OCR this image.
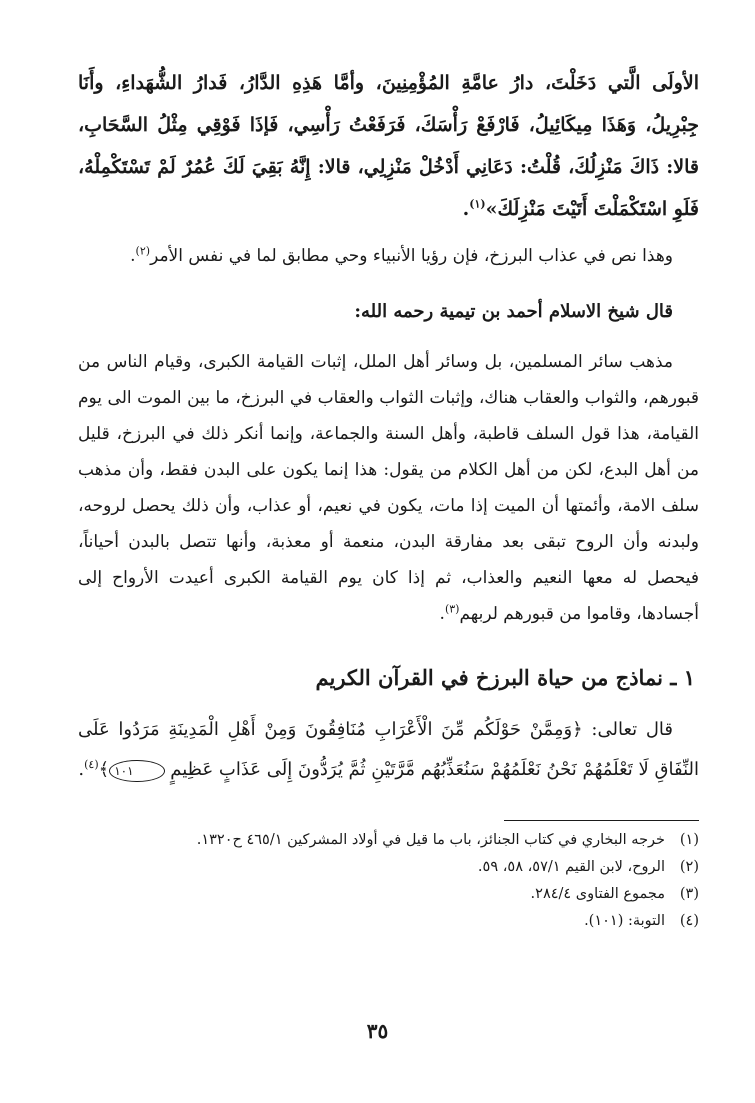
الأولَى الَّتي دَخَلْتَ، دارُ عامَّةِ المُؤْمِنِينَ، وأمَّا هَذِهِ الدَّارُ، فَدارُ الشُّهَداءِ، وأَنَا جِبْرِيلُ، وَهَذَا مِيكَائِيلُ، فَارْفَعْ رَأْسَكَ، فَرَفَعْتُ رَأْسِي، فَإذَا فَوْقِي مِثْلُ السَّحَابِ، قالا: ذَاكَ مَنْزِلُكَ، قُلْتُ: دَعَانِي أَدْخُلْ مَنْزِلِي، قالا: إِنَّهُ بَقِيَ لَكَ عُمُرٌ لَمْ تَسْتَكْمِلْهُ، فَلَوِ اسْتَكْمَلْتَ أَتَيْتَ مَنْزِلَكَ»$^{(١)}$.

وهذا نص في عذاب البرزخ، فإن رؤيا الأنبياء وحي مطابق لما في نفس الأمر$^{(٢)}$.

قال شيخ الاسلام أحمد بن تيمية رحمه الله:

مذهب سائر المسلمين، بل وسائر أهل الملل، إثبات القيامة الكبرى، وقيام الناس من قبورهم، والثواب والعقاب هناك، وإثبات الثواب والعقاب في البرزخ، ما بين الموت الى يوم القيامة، هذا قول السلف قاطبة، وأهل السنة والجماعة، وإنما أنكر ذلك في البرزخ، قليل من أهل البدع، لكن من أهل الكلام من يقول: هذا إنما يكون على البدن فقط، وأن مذهب سلف الامة، وأئمتها أن الميت إذا مات، يكون في نعيم، أو عذاب، وأن ذلك يحصل لروحه، ولبدنه وأن الروح تبقى بعد مفارقة البدن، منعمة أو معذبة، وأنها تتصل بالبدن أحياناً، فيحصل له معها النعيم والعذاب، ثم إذا كان يوم القيامة الكبرى أعيدت الأرواح إلى أجسادها، وقاموا من قبورهم لربهم$^{(٣)}$.

١ ـ نماذج من حياة البرزخ في القرآن الكريم

قال تعالى: ﴿وَمِمَّنْ حَوْلَكُم مِّنَ الْأَعْرَابِ مُنَافِقُونَ وَمِنْ أَهْلِ الْمَدِينَةِ مَرَدُوا عَلَى النِّفَاقِ لَا تَعْلَمُهُمْ نَحْنُ نَعْلَمُهُمْ سَنُعَذِّبُهُم مَّرَّتَيْنِ ثُمَّ يُرَدُّونَ إِلَى عَذَابٍ عَظِيمٍ ١٠١﴾$^{(٤)}$.

(١)خرجه البخاري في كتاب الجنائز، باب ما قيل في أولاد المشركين ٤٦٥/١ ح١٣٢٠.
(٢)الروح، لابن القيم ٥٧/١، ٥٨، ٥٩.
(٣)مجموع الفتاوى ٢٨٤/٤.
(٤)التوبة: (١٠١).
٣٥
